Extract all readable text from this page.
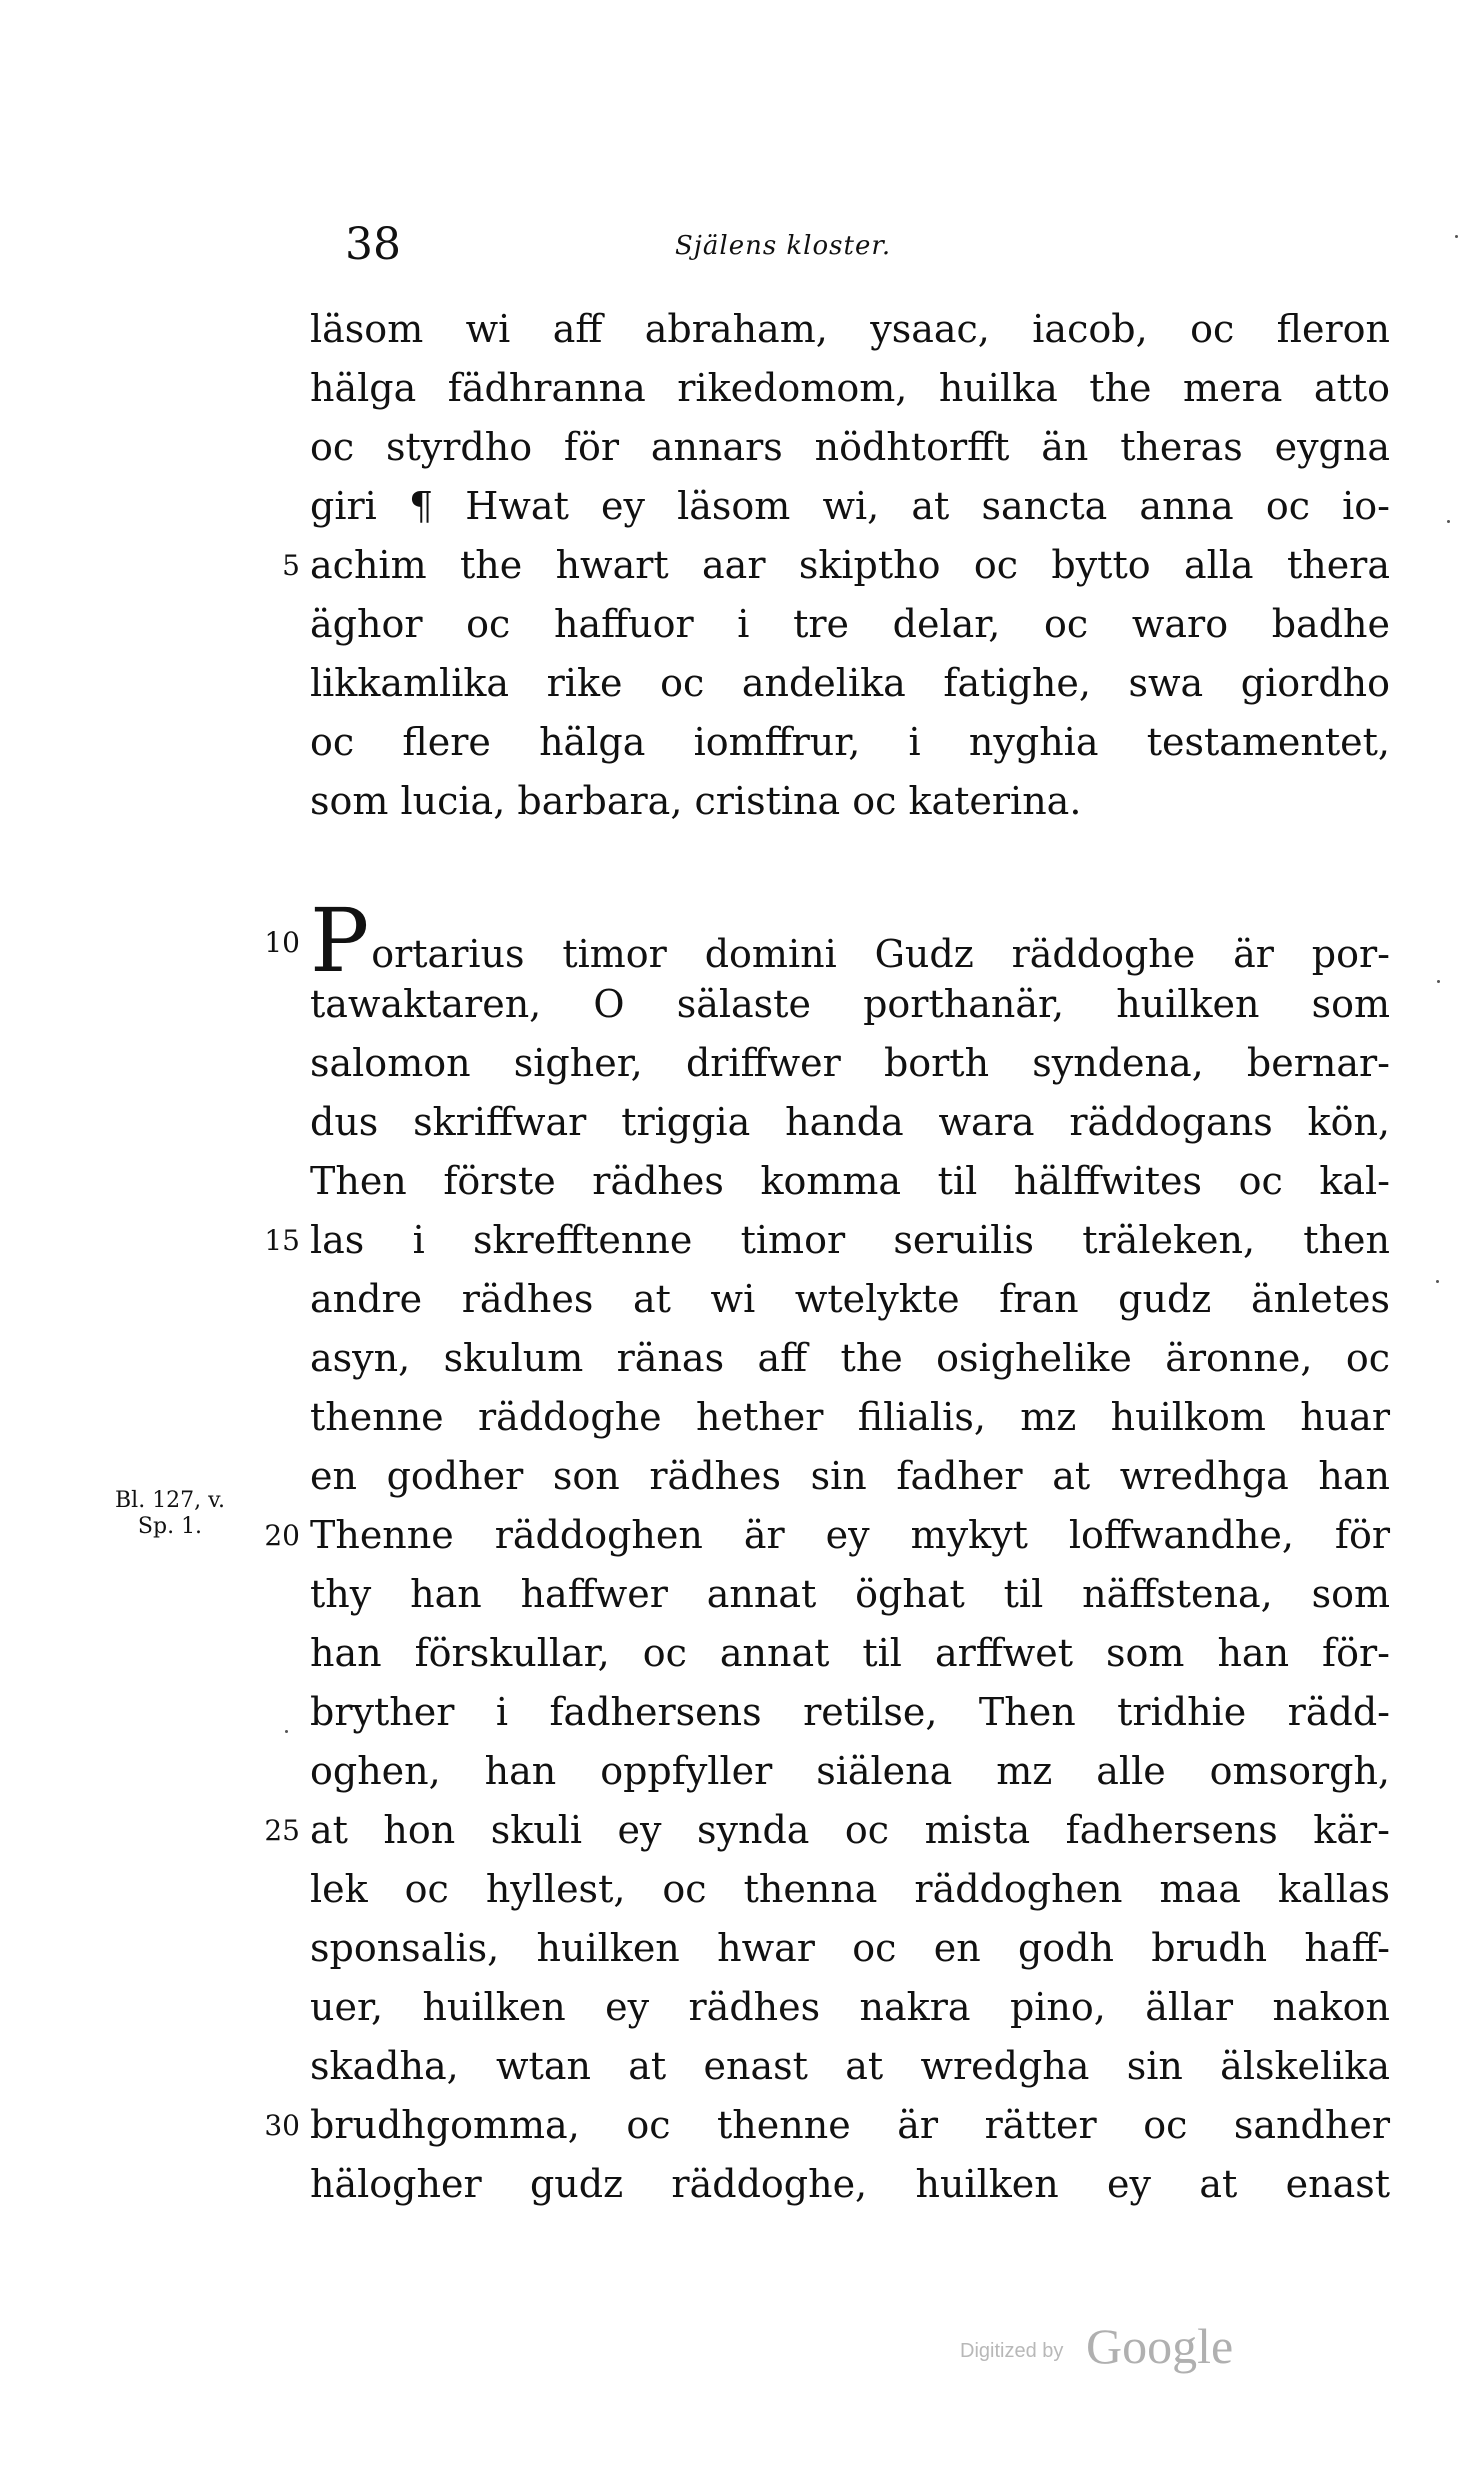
38	Själens kloster.
läsom wi aff abraham, ysaac, iacob, oc fleron
hälga fädhranna rikedomom, huilka the mera atto
oc styrdho för annars nödhtorfft än theras eygna
giri ¶ Hwat ey läsom wi, at sancta anna oc io-
5 achim the hwart aar skiptho oc bytto alla thera
äghor oc haffuor i tre delar, oc waro badhe
likkamlika rike oc andelika fatighe, swa giordho
oc flere hälga iomffrur, i nyghia testamentet,
som lucia, barbara, cristina oc katerina.
10 Portarius timor domini Gudz räddoghe är por-
tawaktaren, O sälaste porthanär, huilken som
salomon sigher, driffwer borth syndena, bernar-
dus skriffwar triggia handa wara räddogans kön,
Then förste rädhes komma til hälffwites oc kal-
15 las i skrefftenne timor seruilis träleken, then
andre rädhes at wi wtelykte fran gudz änletes
asyn, skulum ränas aff the osighelike äronne, oc
thenne räddoghe hether filialis, mz huilkom huar
en godher son rädhes sin fadher at wredhga han
20 Thenne räddoghen är ey mykyt loffwandhe, för
thy han haffwer annat öghat til näffstena, som
han förskullar, oc annat til arffwet som han för-
bryther i fadhersens retilse, Then tridhie rädd-
oghen, han oppfyller siälena mz alle omsorgh,
25 at hon skuli ey synda oc mista fadhersens kär-
lek oc hyllest, oc thenna räddoghen maa kallas
sponsalis, huilken hwar oc en godh brudh haff-
uer, huilken ey rädhes nakra pino, ällar nakon
skadha, wtan at enast at wredgha sin älskelika
30 brudhgomma, oc thenne är rätter oc sandher
hälogher gudz räddoghe, huilken ey at enast
Bl. 127, v.
Sp. 1.
Digitized by Google
